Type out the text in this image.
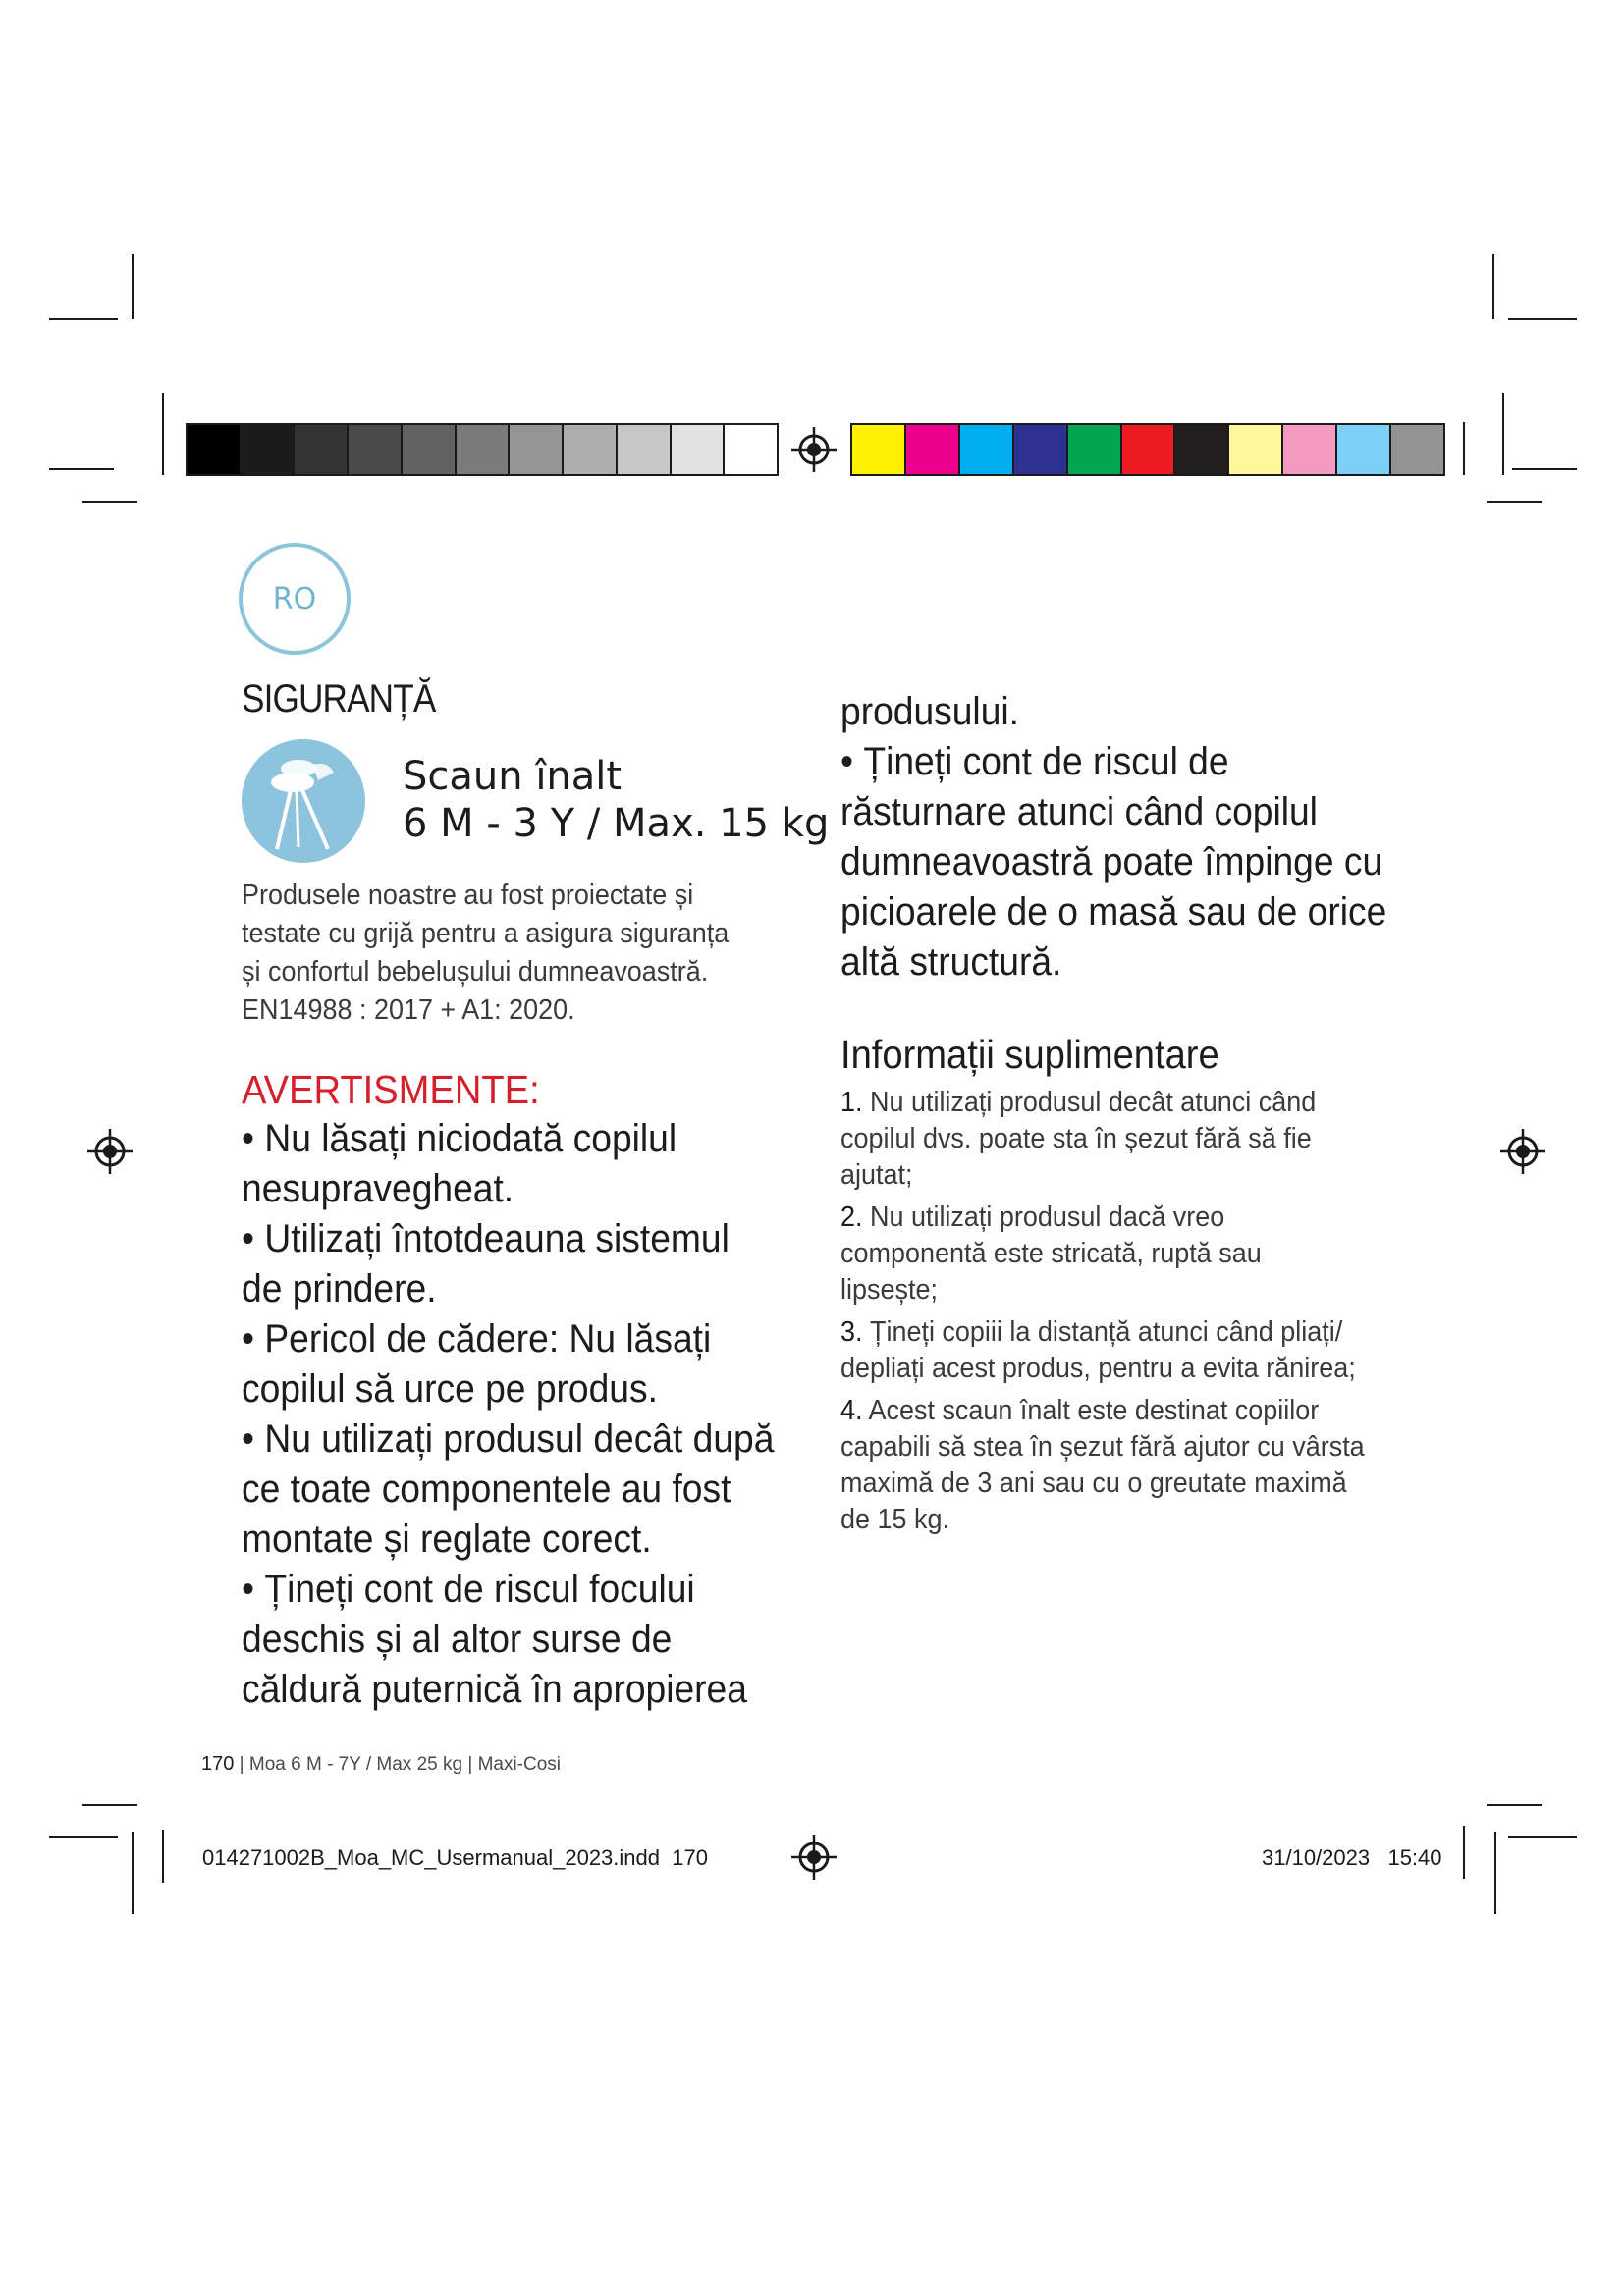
RO
SIGURANȚĂ
Scaun înalt
6 M - 3 Y / Max. 15 kg
Produsele noastre au fost proiectate și
testate cu grijă pentru a asigura siguranța
și confortul bebelușului dumneavoastră.
EN14988 : 2017 + A1: 2020.
AVERTISMENTE:
• Nu lăsați niciodată copilul
nesupravegheat.
• Utilizați întotdeauna sistemul
de prindere.
• Pericol de cădere: Nu lăsați
copilul să urce pe produs.
• Nu utilizați produsul decât după
ce toate componentele au fost
montate și reglate corect.
• Țineți cont de riscul focului
deschis și al altor surse de
căldură puternică în apropierea
produsului.
• Țineți cont de riscul de
răsturnare atunci când copilul
dumneavoastră poate împinge cu
picioarele de o masă sau de orice
altă structură.
Informații suplimentare
1. Nu utilizați produsul decât atunci când
copilul dvs. poate sta în șezut fără să fie
ajutat;
2. Nu utilizați produsul dacă vreo
componentă este stricată, ruptă sau
lipsește;
3. Țineți copiii la distanță atunci când pliați/
depliați acest produs, pentru a evita rănirea;
4. Acest scaun înalt este destinat copiilor
capabili să stea în șezut fără ajutor cu vârsta
maximă de 3 ani sau cu o greutate maximă
de 15 kg.
170 | Moa 6 M - 7Y / Max 25 kg | Maxi-Cosi
014271002B_Moa_MC_Usermanual_2023.indd 170	31/10/2023 15:40
